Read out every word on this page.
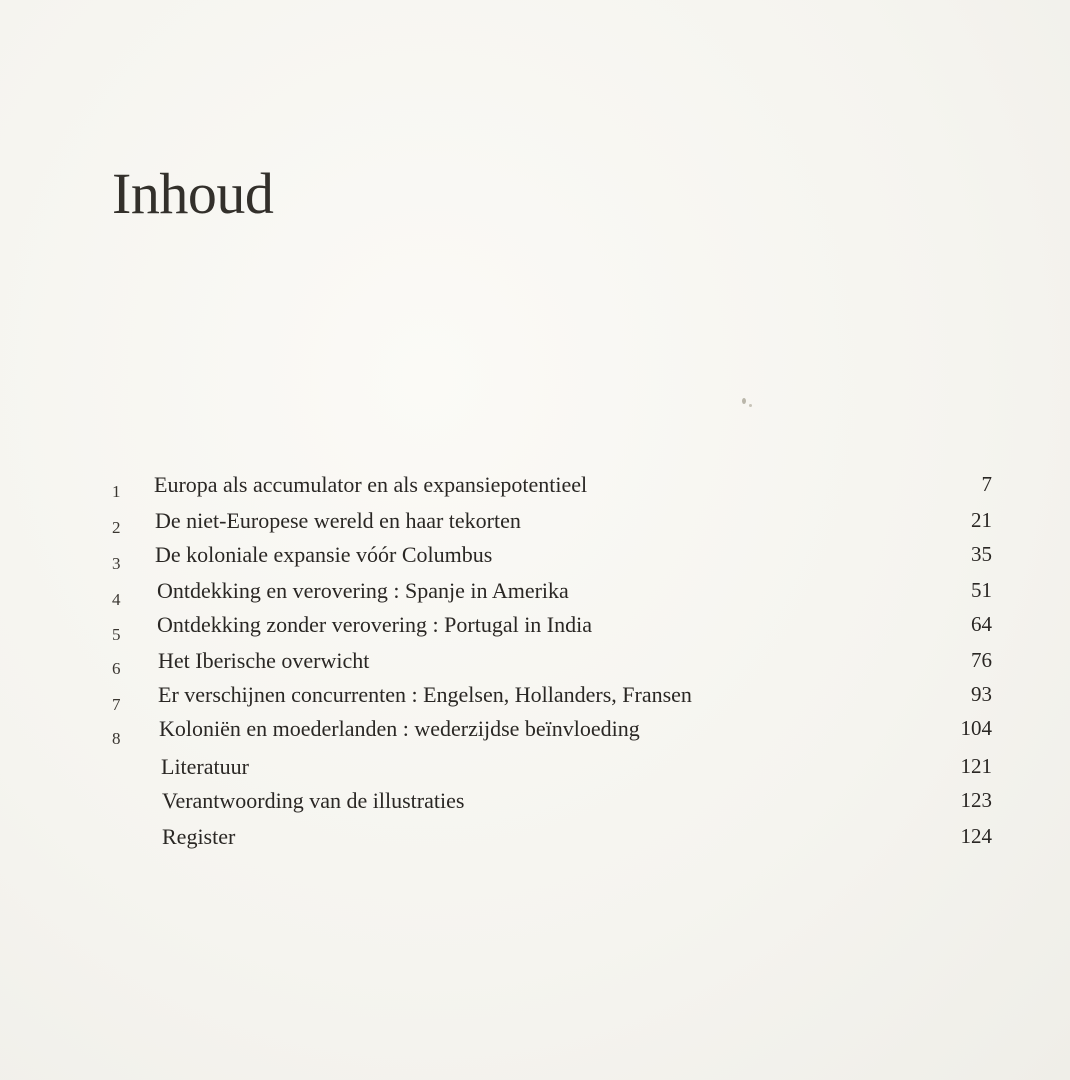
Inhoud
1	Europa als accumulator en als expansiepotentieel	7
2	De niet-Europese wereld en haar tekorten	21
3	De koloniale expansie vóór Columbus	35
4	Ontdekking en verovering : Spanje in Amerika	51
5	Ontdekking zonder verovering : Portugal in India	64
6	Het Iberische overwicht	76
7	Er verschijnen concurrenten : Engelsen, Hollanders, Fransen	93
8	Koloniën en moederlanden : wederzijdse beïnvloeding	104
Literatuur	121
Verantwoording van de illustraties	123
Register	124
